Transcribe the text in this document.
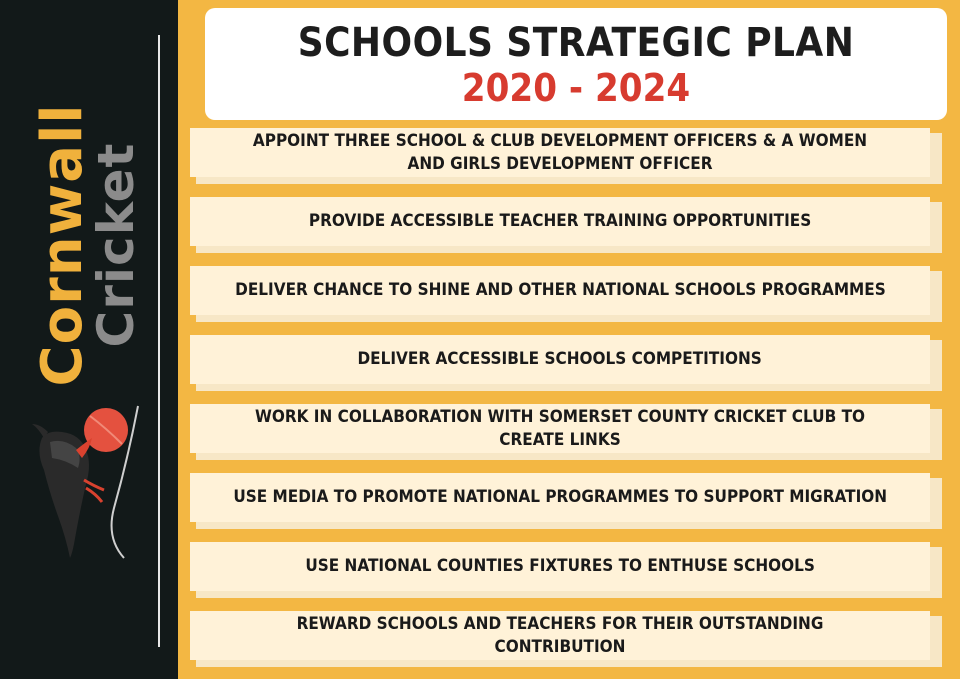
Cornwall
Cricket
SCHOOLS STRATEGIC PLAN
2020 - 2024
APPOINT THREE SCHOOL & CLUB DEVELOPMENT OFFICERS & A WOMEN AND GIRLS DEVELOPMENT OFFICER
PROVIDE ACCESSIBLE TEACHER TRAINING OPPORTUNITIES
DELIVER CHANCE TO SHINE AND OTHER NATIONAL SCHOOLS PROGRAMMES
DELIVER ACCESSIBLE SCHOOLS COMPETITIONS
WORK IN COLLABORATION WITH SOMERSET COUNTY CRICKET CLUB TO CREATE LINKS
USE MEDIA TO PROMOTE NATIONAL PROGRAMMES TO SUPPORT MIGRATION
USE NATIONAL COUNTIES FIXTURES TO ENTHUSE SCHOOLS
REWARD SCHOOLS AND TEACHERS FOR THEIR OUTSTANDING CONTRIBUTION
